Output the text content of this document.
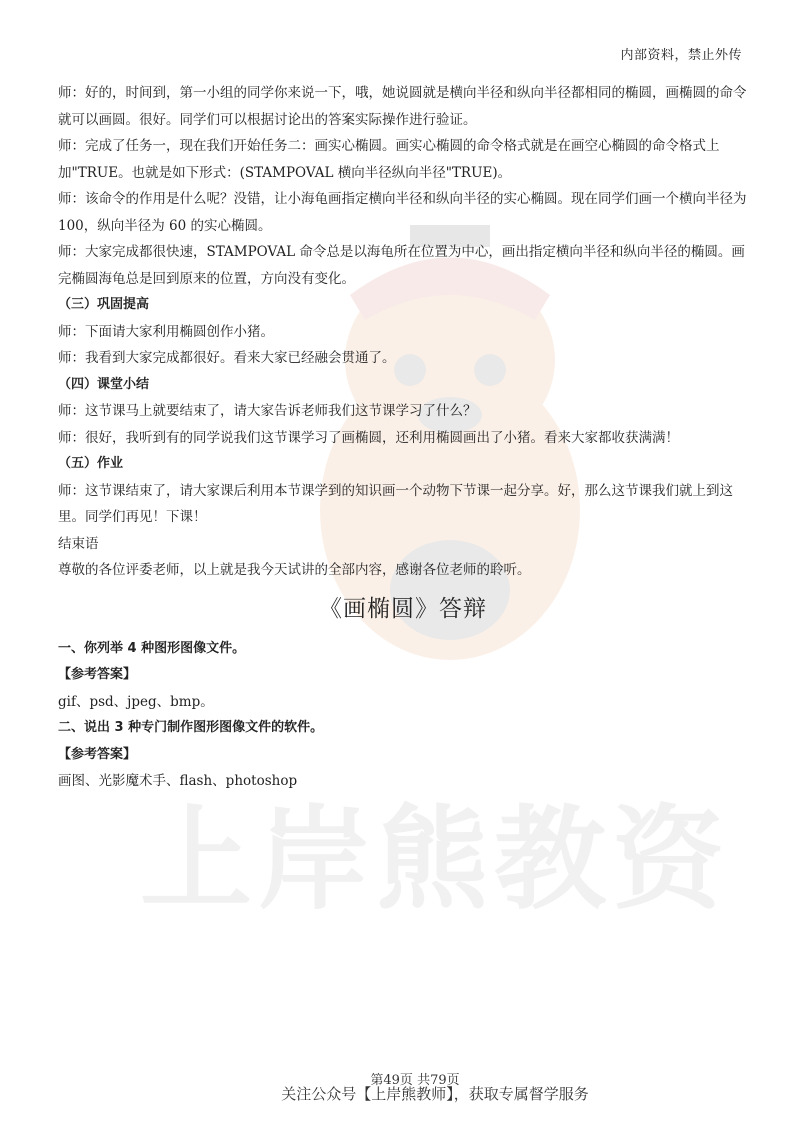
内部资料，禁止外传
上岸熊教资

师：好的，时间到，第一小组的同学你来说一下，哦，她说圆就是横向半径和纵向半径都相同的椭圆，画椭圆的命令就可以画圆。很好。同学们可以根据讨论出的答案实际操作进行验证。

师：完成了任务一，现在我们开始任务二：画实心椭圆。画实心椭圆的命令格式就是在画空心椭圆的命令格式上加"TRUE。也就是如下形式：(STAMPOVAL 横向半径纵向半径"TRUE)。

师：该命令的作用是什么呢？没错，让小海龟画指定横向半径和纵向半径的实心椭圆。现在同学们画一个横向半径为 100，纵向半径为 60 的实心椭圆。

师：大家完成都很快速，STAMPOVAL 命令总是以海龟所在位置为中心，画出指定横向半径和纵向半径的椭圆。画完椭圆海龟总是回到原来的位置，方向没有变化。

（三）巩固提高

师：下面请大家利用椭圆创作小猪。

师：我看到大家完成都很好。看来大家已经融会贯通了。

（四）课堂小结

师：这节课马上就要结束了，请大家告诉老师我们这节课学习了什么？

师：很好，我听到有的同学说我们这节课学习了画椭圆，还利用椭圆画出了小猪。看来大家都收获满满！

（五）作业

师：这节课结束了，请大家课后利用本节课学到的知识画一个动物下节课一起分享。好，那么这节课我们就上到这里。同学们再见！下课！

结束语

尊敬的各位评委老师，以上就是我今天试讲的全部内容，感谢各位老师的聆听。

《画椭圆》答辩

一、你列举 4 种图形图像文件。

【参考答案】

gif、psd、jpeg、bmp。

二、说出 3 种专门制作图形图像文件的软件。

【参考答案】

画图、光影魔术手、flash、photoshop

第49页 共79页
关注公众号【上岸熊教师】，获取专属督学服务
